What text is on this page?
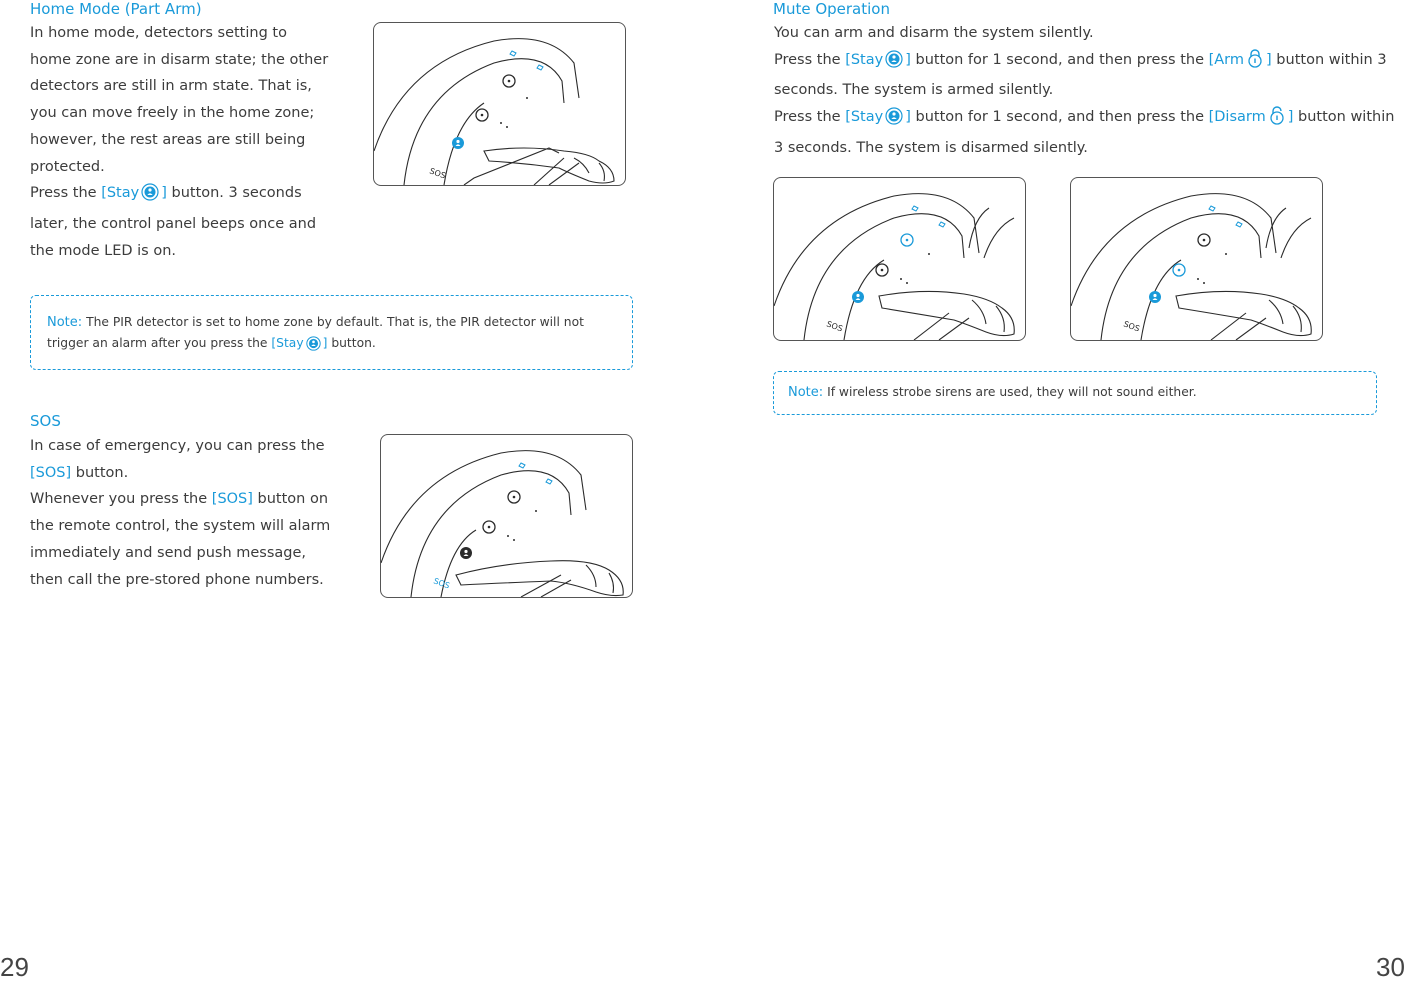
Home Mode (Part Arm)
In home mode, detectors setting to
home zone are in disarm state; the other
detectors are still in arm state. That is,
you can move freely in the home zone;
however, the rest areas are still being
protected.
Press the [Stay ] button. 3 seconds
later, the control panel beeps once and
the mode LED is on.
SOS
Note: The PIR detector is set to home zone by default. That is, the PIR detector will not
trigger an alarm after you press the [Stay ] button.
SOS
In case of emergency, you can press the
[SOS] button.
Whenever you press the [SOS] button on
the remote control, the system will alarm
immediately and send push message,
then call the pre-stored phone numbers.	SOS
29
Mute Operation
You can arm and disarm the system silently.
Press the [Stay ] button for 1 second, and then press the [Arm ] button within 3
seconds. The system is armed silently.
Press the [Stay ] button for 1 second, and then press the [Disarm ] button within
3 seconds. The system is disarmed silently.
SOS	SOS
Note: If wireless strobe sirens are used, they will not sound either.
30
